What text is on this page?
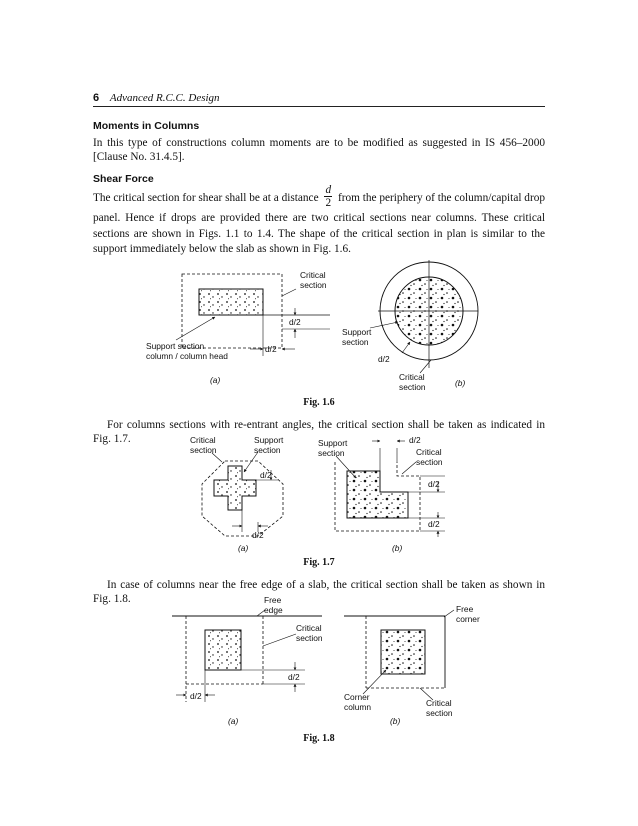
6 Advanced R.C.C. Design
Moments in Columns
In this type of constructions column moments are to be modified as suggested in IS 456–2000 [Clause No. 31.4.5].
Shear Force
The critical section for shear shall be at a distance $\frac{d}{2}$ from the periphery of the column/capital drop panel. Hence if drops are provided there are two critical sections near columns. These critical sections are shown in Figs. 1.1 to 1.4. The shape of the critical section in plan is similar to the support immediately below the slab as shown in Fig. 1.6.
Critical
section
d/2
d/2
Support section
column / column head
(a)
Support
section
d/2
Critical
section	(b)
Fig. 1.6
For columns sections with re-entrant angles, the critical section shall be taken as indicated in Fig. 1.7.	Critical
section
Support
section
d/2
d/2
(a)
Support
section
d/2
Critical
section
d/2
d/2
(b)
Fig. 1.7
In case of columns near the free edge of a slab, the critical section shall be taken as shown in Fig. 1.8.	Free
edge
Critical
section
d/2
d/2
(a)
Free
corner
Corner
column	Critical
section
(b)
Fig. 1.8
